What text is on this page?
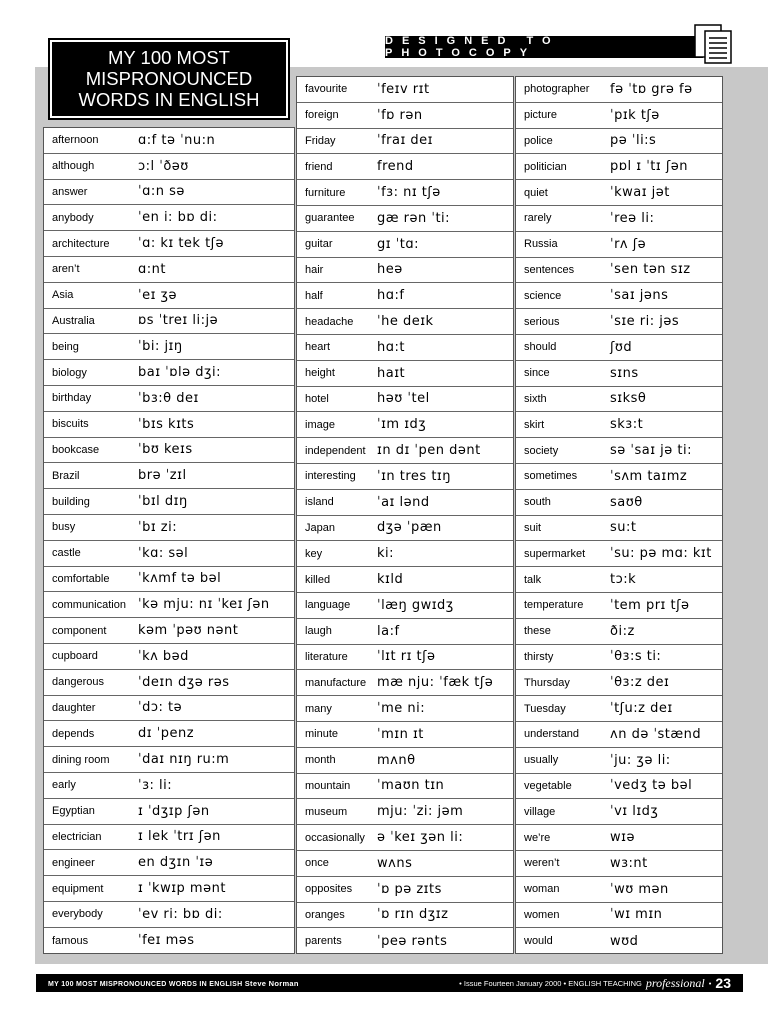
DESIGNED TO PHOTOCOPY
MY 100 MOST
MISPRONOUNCED
WORDS IN ENGLISH
afternoon	ɑ:f tə ˈnu:n
although	ɔ:l ˈðəʊ
answer	ˈɑ:n sə
anybody	ˈen i: bɒ di:
architecture	ˈɑ: kɪ tek tʃə
aren’t	ɑ:nt
Asia	ˈeɪ ʒə
Australia	ɒs ˈtreɪ li:jə
being	ˈbi: jɪŋ
biology	baɪ ˈɒlə dʒi:
birthday	ˈbɜ:θ deɪ
biscuits	ˈbɪs kɪts
bookcase	ˈbʊ keɪs
Brazil	brə ˈzɪl
building	ˈbɪl dɪŋ
busy	ˈbɪ zi:
castle	ˈkɑ: səl
comfortable	ˈkʌmf tə bəl
communication ˈkə mju: nɪ ˈkeɪ ʃən
component	kəm ˈpəʊ nənt
cupboard	ˈkʌ bəd
dangerous	ˈdeɪn dʒə rəs
daughter	ˈdɔ: tə
depends	dɪ ˈpenz
dining room	ˈdaɪ nɪŋ ru:m
early	ˈɜ: li:
Egyptian	ɪ ˈdʒɪp ʃən
electrician	ɪ lek ˈtrɪ ʃən
engineer	en dʒɪn ˈɪə
equipment	ɪ ˈkwɪp mənt
everybody	ˈev ri: bɒ di:
famous	ˈfeɪ məs
favourite	ˈfeɪv rɪt
foreign	ˈfɒ rən
Friday	ˈfraɪ deɪ
friend	frend
furniture	ˈfɜ: nɪ tʃə
guarantee	gæ rən ˈti:
guitar	gɪ ˈtɑ:
hair	heə
half	hɑ:f
headache	ˈhe deɪk
heart	hɑ:t
height	haɪt
hotel	həʊ ˈtel
image	ˈɪm ɪdʒ
independent ɪn dɪ ˈpen dənt
interesting	ˈɪn tres tɪŋ
island	ˈaɪ lənd
Japan	dʒə ˈpæn
key	ki:
killed	kɪld
language	ˈlæŋ gwɪdʒ
laugh	la:f
literature	ˈlɪt rɪ tʃə
manufacture mæ nju: ˈfæk tʃə
many	ˈme ni:
minute	ˈmɪn ɪt
month	mʌnθ
mountain	ˈmaʊn tɪn
museum	mju: ˈzi: jəm
occasionally ə ˈkeɪ ʒən li:
once	wʌns
opposites	ˈɒ pə zɪts
oranges	ˈɒ rɪn dʒɪz
parents	ˈpeə rənts
photographer	fə ˈtɒ grə fə
picture	ˈpɪk tʃə
police	pə ˈli:s
politician	pɒl ɪ ˈtɪ ʃən
quiet	ˈkwaɪ jət
rarely	ˈreə li:
Russia	ˈrʌ ʃə
sentences	ˈsen tən sɪz
science	ˈsaɪ jəns
serious	ˈsɪe ri: jəs
should	ʃʊd
since	sɪns
sixth	sɪksθ
skirt	skɜ:t
society	sə ˈsaɪ jə ti:
sometimes	ˈsʌm taɪmz
south	saʊθ
suit	su:t
supermarket	ˈsu: pə mɑ: kɪt
talk	tɔ:k
temperature	ˈtem prɪ tʃə
these	ði:z
thirsty	ˈθɜ:s ti:
Thursday	ˈθɜ:z deɪ
Tuesday	ˈtʃu:z deɪ
understand	ʌn də ˈstænd
usually	ˈju: ʒə li:
vegetable	ˈvedʒ tə bəl
village	ˈvɪ lɪdʒ
we’re	wɪə
weren’t	wɜ:nt
woman	ˈwʊ mən
women	ˈwɪ mɪn
would	wʊd
MY 100 MOST MISPRONOUNCED WORDS IN ENGLISH Steve Norman	• Issue Fourteen January 2000 • ENGLISH TEACHING professional • 23
